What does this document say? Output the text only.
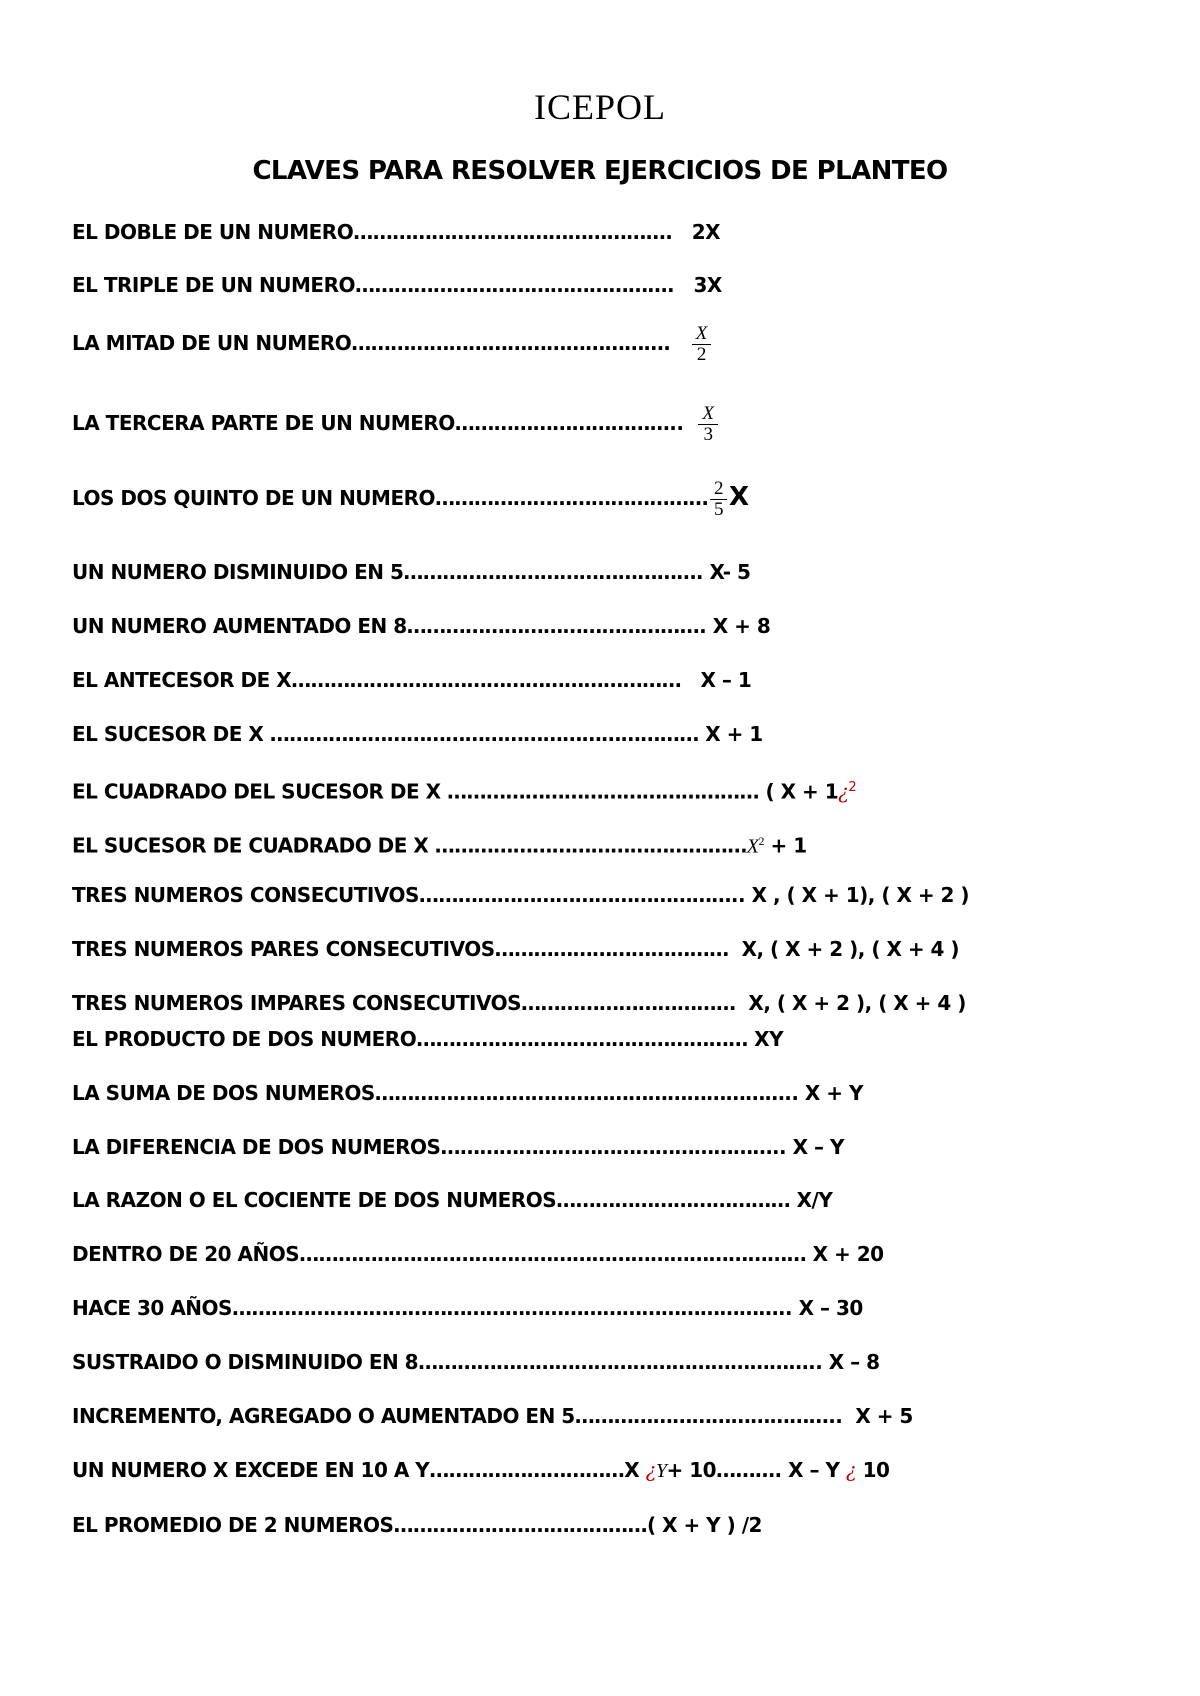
ICEPOL
CLAVES PARA RESOLVER EJERCICIOS DE PLANTEO
EL DOBLE DE UN NUMERO…………………………………………. 2X
EL TRIPLE DE UN NUMERO…………………………………………. 3X
LA MITAD DE UN NUMERO…………………………………………. $\frac{X}{2}$
LA TERCERA PARTE DE UN NUMERO…………………………….. $\frac{X}{3}$
LOS DOS QUINTO DE UN NUMERO…………………………………… $\frac{2}{5}$ X
UN NUMERO DISMINUIDO EN 5………………………………………. X- 5
UN NUMERO AUMENTADO EN 8………………………………………. X + 8
EL ANTECESOR DE X…………………………………………………… X – 1
EL SUCESOR DE X ………………………………………………………… X + 1
EL CUADRADO DEL SUCESOR DE X ………………………………………… ( X + 1¿$^2$
EL SUCESOR DE CUADRADO DE X $\dots\dots\dots\dots\dots\dots\dots\dots\dots\dots\dots\dots\dots\dots\dots\dots X^2 + 1$
TRES NUMEROS CONSECUTIVOS………………………………………….. X , ( X + 1), ( X + 2 )
TRES NUMEROS PARES CONSECUTIVOS……………………………… X, ( X + 2 ), ( X + 4 )
TRES NUMEROS IMPARES CONSECUTIVOS…………………………… X, ( X + 2 ), ( X + 4 )
EL PRODUCTO DE DOS NUMERO…………………………………………… XY
LA SUMA DE DOS NUMEROS……………………………………………………….. X + Y
LA DIFERENCIA DE DOS NUMEROS…………………………………………….. X – Y
LA RAZON O EL COCIENTE DE DOS NUMEROS……………………………… X/Y
DENTRO DE 20 AÑOS…………………………………………………………………… X + 20
HACE 30 AÑOS………………………………………………………………………….. X – 30
SUSTRAIDO O DISMINUIDO EN 8…………………………………………………….. X – 8
INCREMENTO, AGREGADO O AUMENTADO EN 5………………………………….. X + 5
UN NUMERO X EXCEDE EN 10 A Y…………………………X ¿Y+ 10………. X – Y ¿ 10
EL PROMEDIO DE 2 NUMEROS…………………………………( X + Y ) /2
